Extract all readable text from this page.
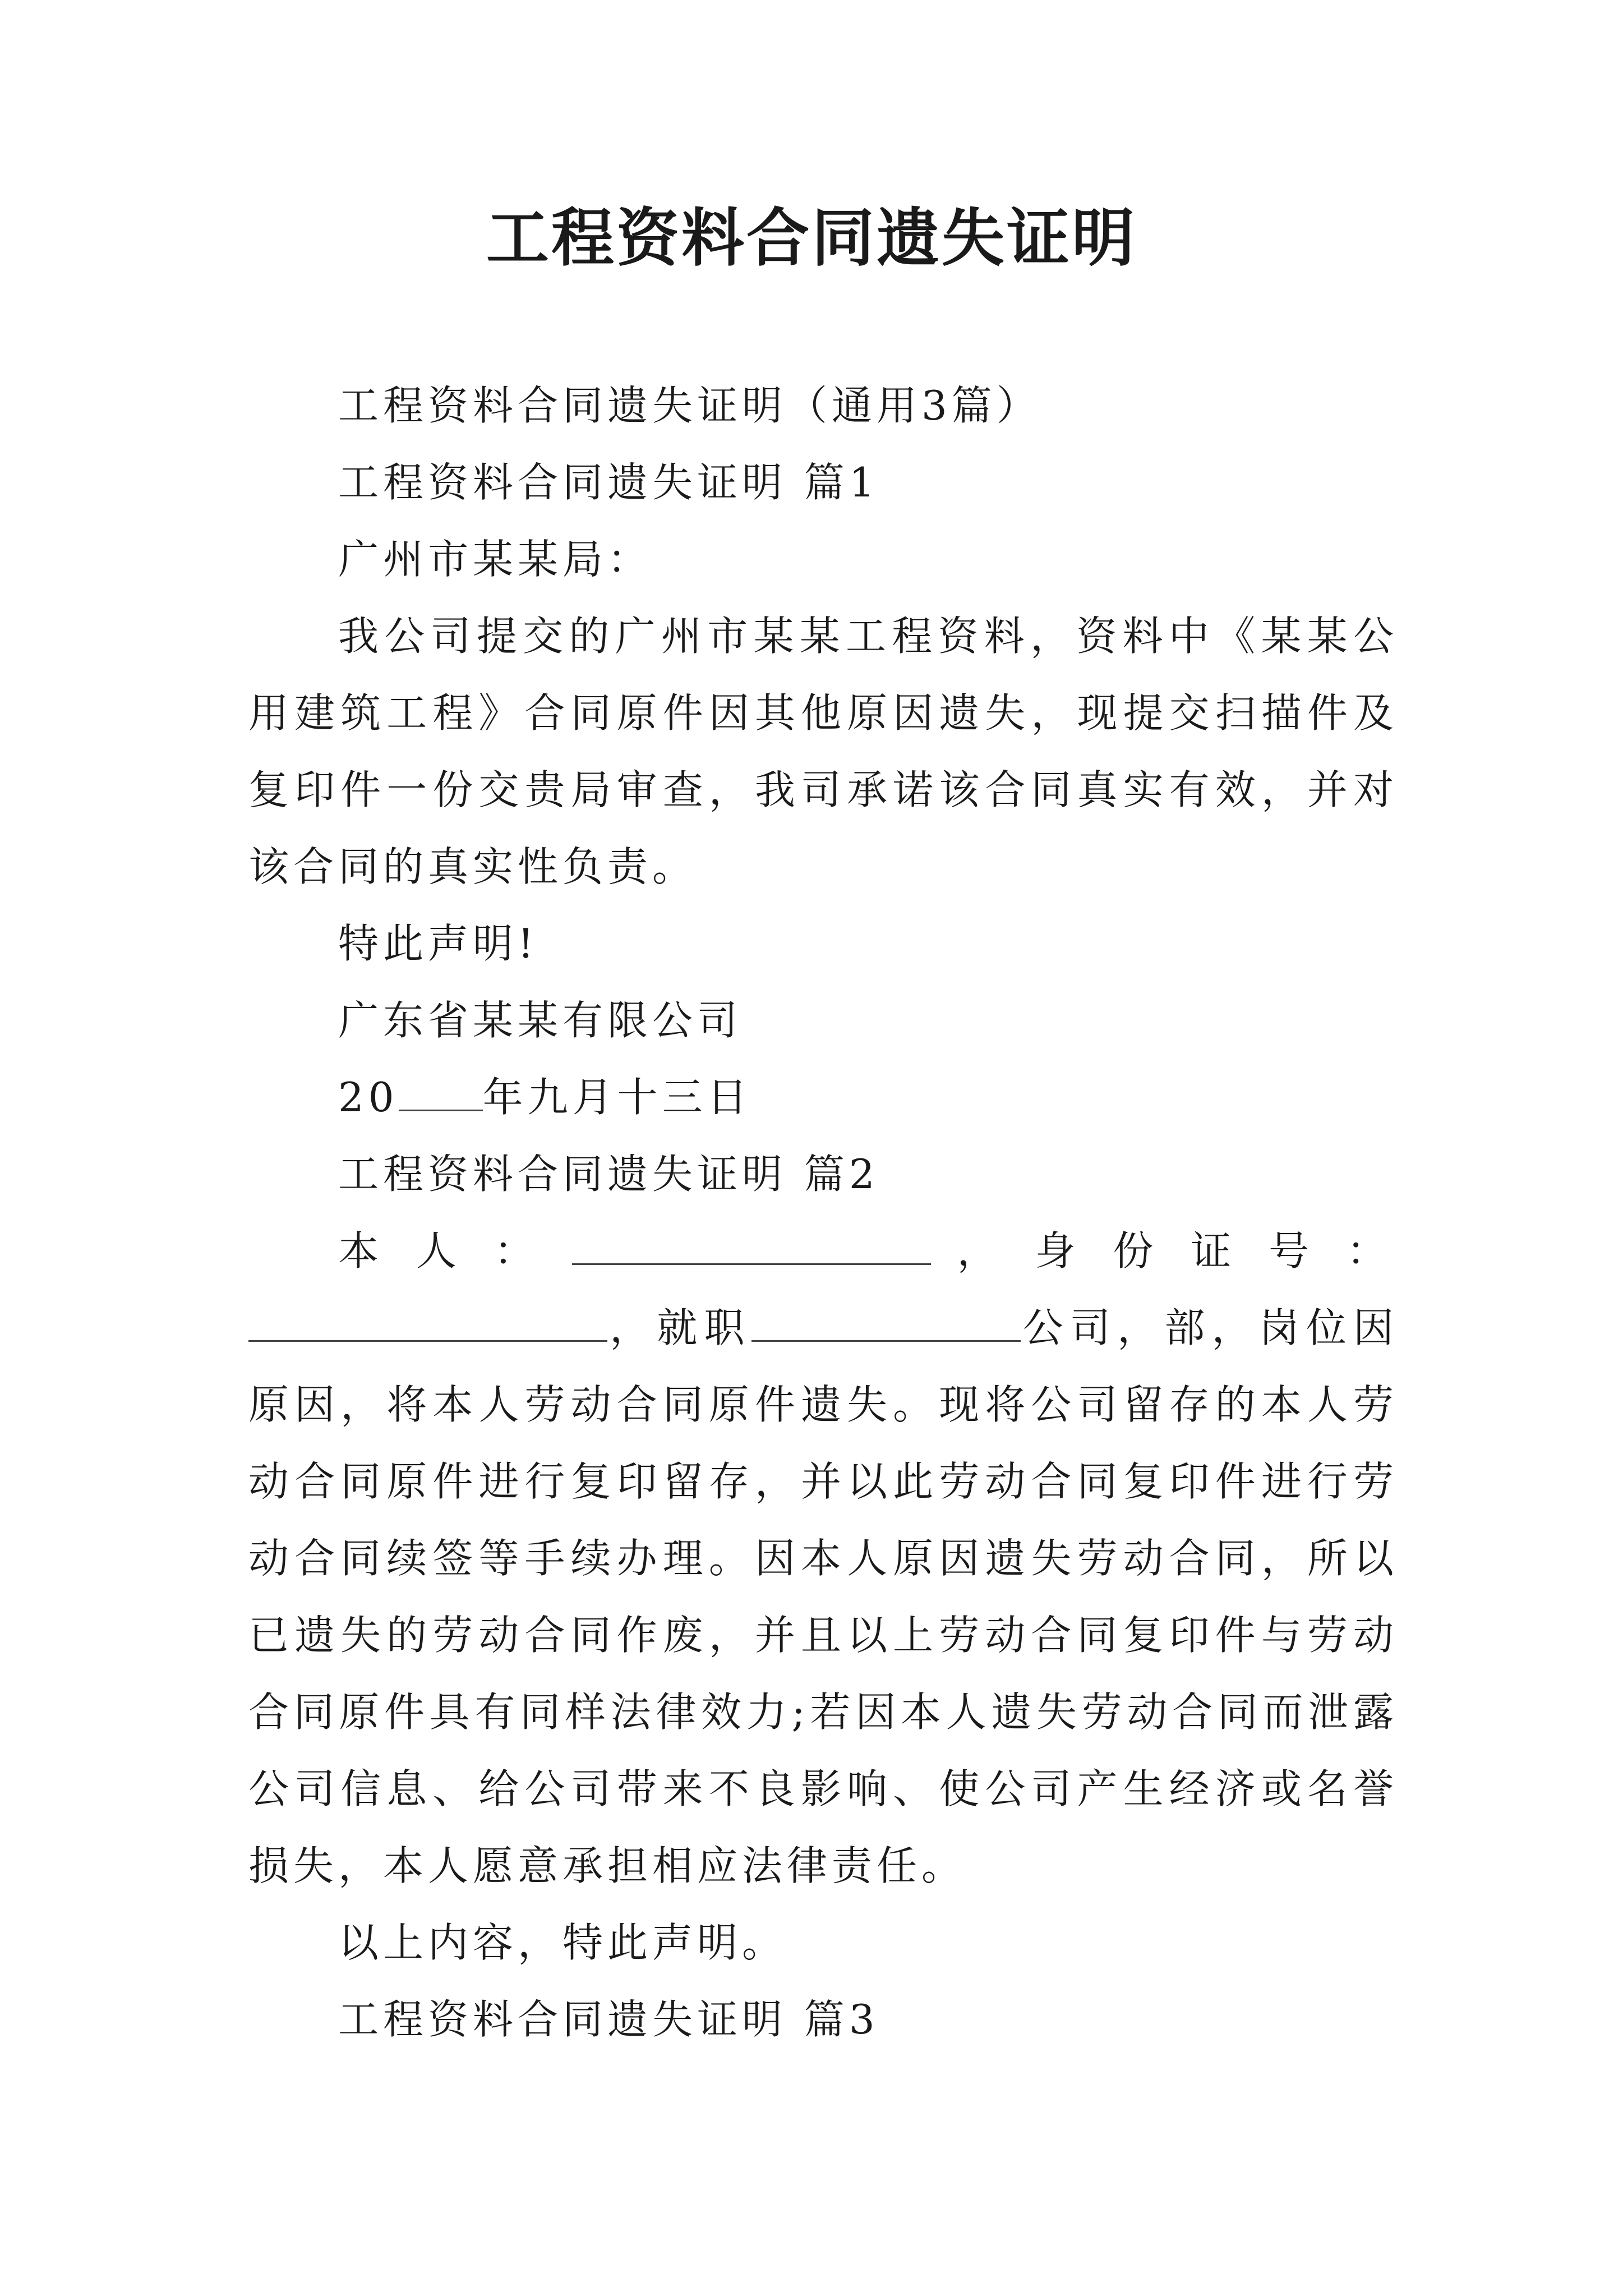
工程资料合同遗失证明

工程资料合同遗失证明（通用3篇）

工程资料合同遗失证明 篇1

广州市某某局：

我公司提交的广州市某某工程资料，资料中《某某公用建筑工程》合同原件因其他原因遗失，现提交扫描件及复印件一份交贵局审查，我司承诺该合同真实有效，并对该合同的真实性负责。

特此声明!

广东省某某有限公司

20 年九月十三日

工程资料合同遗失证明 篇2

本人：	，身份证号：，就职	公司，部，岗位因原因，将本人劳动合同原件遗失。现将公司留存的本人劳动合同原件进行复印留存，并以此劳动合同复印件进行劳动合同续签等手续办理。因本人原因遗失劳动合同，所以已遗失的劳动合同作废，并且以上劳动合同复印件与劳动合同原件具有同样法律效力;若因本人遗失劳动合同而泄露公司信息、给公司带来不良影响、使公司产生经济或名誉损失，本人愿意承担相应法律责任。

以上内容，特此声明。

工程资料合同遗失证明 篇3
